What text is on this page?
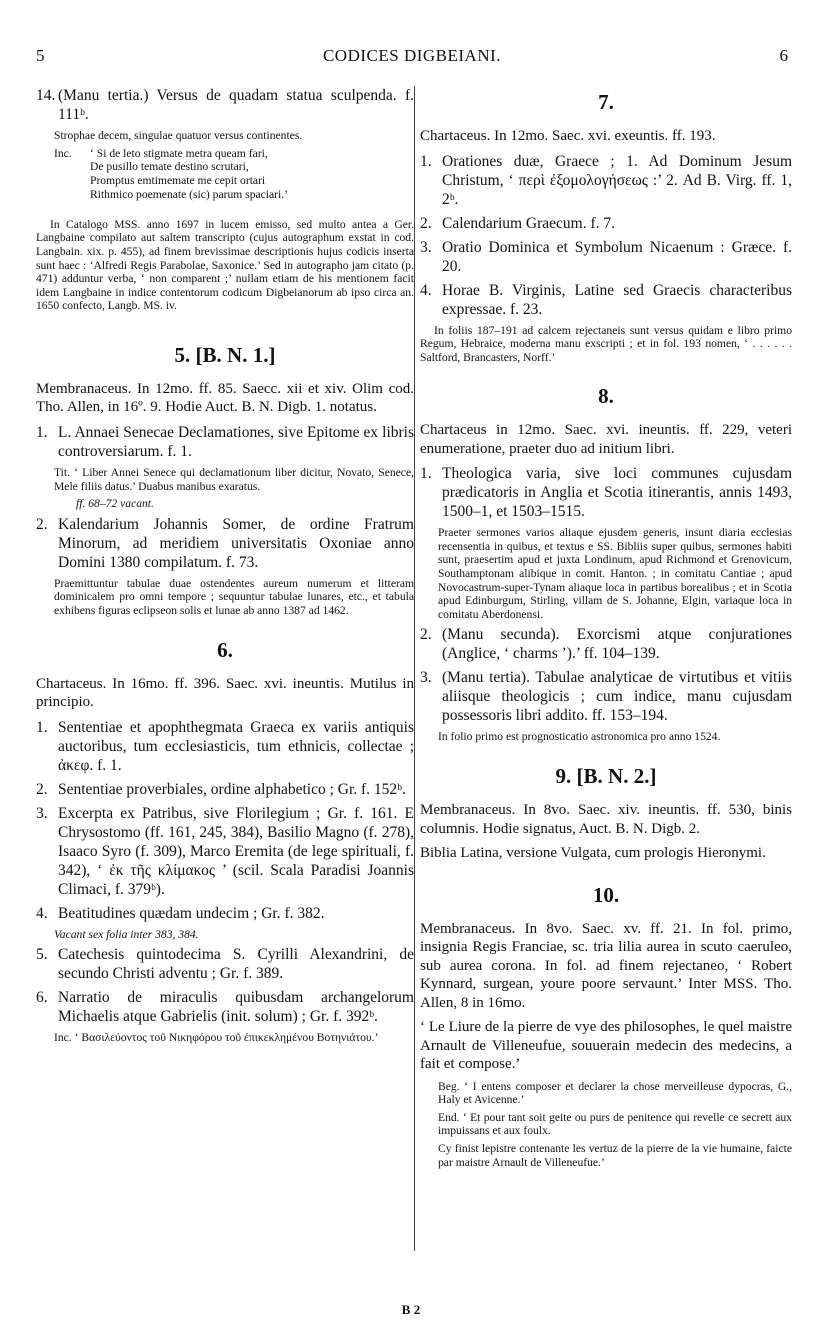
5	CODICES DIGBEIANI.	6
14. (Manu tertia.) Versus de quadam statua sculpenda. f. 111ᵇ.
Strophae decem, singulae quatuor versus continentes.
Inc. ‘ Si de leto stigmate metra queam fari,
De pusillo temate destino scrutari,
Promptus emtimemate me cepit ortari
Rithmico poemenate (sic) parum spaciari.’
In Catalogo MSS. anno 1697 in lucem emisso, sed multo antea a Ger. Langbaine compilato aut saltem transcripto (cujus autographum exstat in cod. Langbain. xix. p. 455), ad finem brevissimae descriptionis hujus codicis inserta sunt haec : ‘Alfredi Regis Parabolae, Saxonice.’ Sed in autographo jam citato (p. 471) adduntur verba, ‘ non comparent ;’ nullam etiam de his mentionem facit idem Langbaine in indice contentorum codicum Digbeianorum ab ipso circa an. 1650 confecto, Langb. MS. iv.
5. [B. N. 1.]
Membranaceus. In 12mo. ff. 85. Saecc. xii et xiv. Olim cod. Tho. Allen, in 16º. 9. Hodie Auct. B. N. Digb. 1. notatus.
1. L. Annaei Senecae Declamationes, sive Epitome ex libris controversiarum. f. 1.
Tit. ‘ Liber Annei Senece qui declamationum liber dicitur, Novato, Senece, Mele filiis datus.’ Duabus manibus exaratus.
ff. 68–72 vacant.
2. Kalendarium Johannis Somer, de ordine Fratrum Minorum, ad meridiem universitatis Oxoniae anno Domini 1380 compilatum. f. 73.
Praemittuntur tabulae duae ostendentes aureum numerum et litteram dominicalem pro omni tempore ; sequuntur tabulae lunares, etc., et tabula exhibens figuras eclipseon solis et lunae ab anno 1387 ad 1462.
6.
Chartaceus. In 16mo. ff. 396. Saec. xvi. ineuntis. Mutilus in principio.
1. Sententiae et apophthegmata Graeca ex variis antiquis auctoribus, tum ecclesiasticis, tum ethnicis, collectae ; ἀκεφ. f. 1.
2. Sententiae proverbiales, ordine alphabetico ; Gr. f. 152ᵇ.
3. Excerpta ex Patribus, sive Florilegium ; Gr. f. 161. E Chrysostomo (ff. 161, 245, 384), Basilio Magno (f. 278), Isaaco Syro (f. 309), Marco Eremita (de lege spirituali, f. 342), ‘ ἐκ τῆς κλίμακος ’ (scil. Scala Paradisi Joannis Climaci, f. 379ᵇ).
4. Beatitudines quædam undecim ; Gr. f. 382.
Vacant sex folia inter 383, 384.
5. Catechesis quintodecima S. Cyrilli Alexandrini, de secundo Christi adventu ; Gr. f. 389.
6. Narratio de miraculis quibusdam archangelorum Michaelis atque Gabrielis (init. solum) ; Gr. f. 392ᵇ.
Inc. ‘ Βασιλεύοντος τοῦ Νικηφόρου τοῦ ἐπικεκλημένου Βοτηνιάτου.’
7.
Chartaceus. In 12mo. Saec. xvi. exeuntis. ff. 193.
1. Orationes duæ, Graece ; 1. Ad Dominum Jesum Christum, ‘ περὶ ἐξομολογήσεως :’ 2. Ad B. Virg. ff. 1, 2ᵇ.
2. Calendarium Graecum. f. 7.
3. Oratio Dominica et Symbolum Nicaenum : Græce. f. 20.
4. Horae B. Virginis, Latine sed Graecis characteribus expressae. f. 23.
In foliis 187–191 ad calcem rejectaneis sunt versus quidam e libro primo Regum, Hebraice, moderna manu exscripti ; et in fol. 193 nomen, ‘ . . . . . . Saltford, Brancasters, Norff.’
8.
Chartaceus in 12mo. Saec. xvi. ineuntis. ff. 229, veteri enumeratione, praeter duo ad initium libri.
1. Theologica varia, sive loci communes cujusdam prædicatoris in Anglia et Scotia itinerantis, annis 1493, 1500–1, et 1503–1515.
Praeter sermones varios aliaque ejusdem generis, insunt diaria ecclesias recensentia in quibus, et textus e SS. Bibliis super quibus, sermones habiti sunt, praesertim apud et juxta Londinum, apud Richmond et Grenovicum, Southamptonam alibique in comit. Hanton. ; in comitatu Cantiae ; apud Novocastrum-super-Tynam aliaque loca in partibus borealibus ; et in Scotia apud Edinburgum, Stirling, villam de S. Johanne, Elgin, variaque loca in comitatu Aberdonensi.
2. (Manu secunda). Exorcismi atque conjurationes (Anglice, ‘ charms ’).’ ff. 104–139.
3. (Manu tertia). Tabulae analyticae de virtutibus et vitiis aliisque theologicis ; cum indice, manu cujusdam possessoris libri addito. ff. 153–194.
In folio primo est prognosticatio astronomica pro anno 1524.
9. [B. N. 2.]
Membranaceus. In 8vo. Saec. xiv. ineuntis. ff. 530, binis columnis. Hodie signatus, Auct. B. N. Digb. 2.
Biblia Latina, versione Vulgata, cum prologis Hieronymi.
10.
Membranaceus. In 8vo. Saec. xv. ff. 21. In fol. primo, insignia Regis Franciae, sc. tria lilia aurea in scuto caeruleo, sub aurea corona. In fol. ad finem rejectaneo, ‘ Robert Kynnard, surgean, youre poore servaunt.’ Inter MSS. Tho. Allen, 8 in 16mo.
‘ Le Liure de la pierre de vye des philosophes, le quel maistre Arnault de Villeneufue, souuerain medecin des medecins, a fait et compose.’
Beg. ‘ I entens composer et declarer la chose merveilleuse dypocras, G., Haly et Avicenne.’
End. ‘ Et pour tant soit geite ou purs de penitence qui revelle ce secrett aux impuissans et aux foulx.
Cy finist lepistre contenante les vertuz de la pierre de la vie humaine, faicte par maistre Arnault de Villeneufue.’
B 2
